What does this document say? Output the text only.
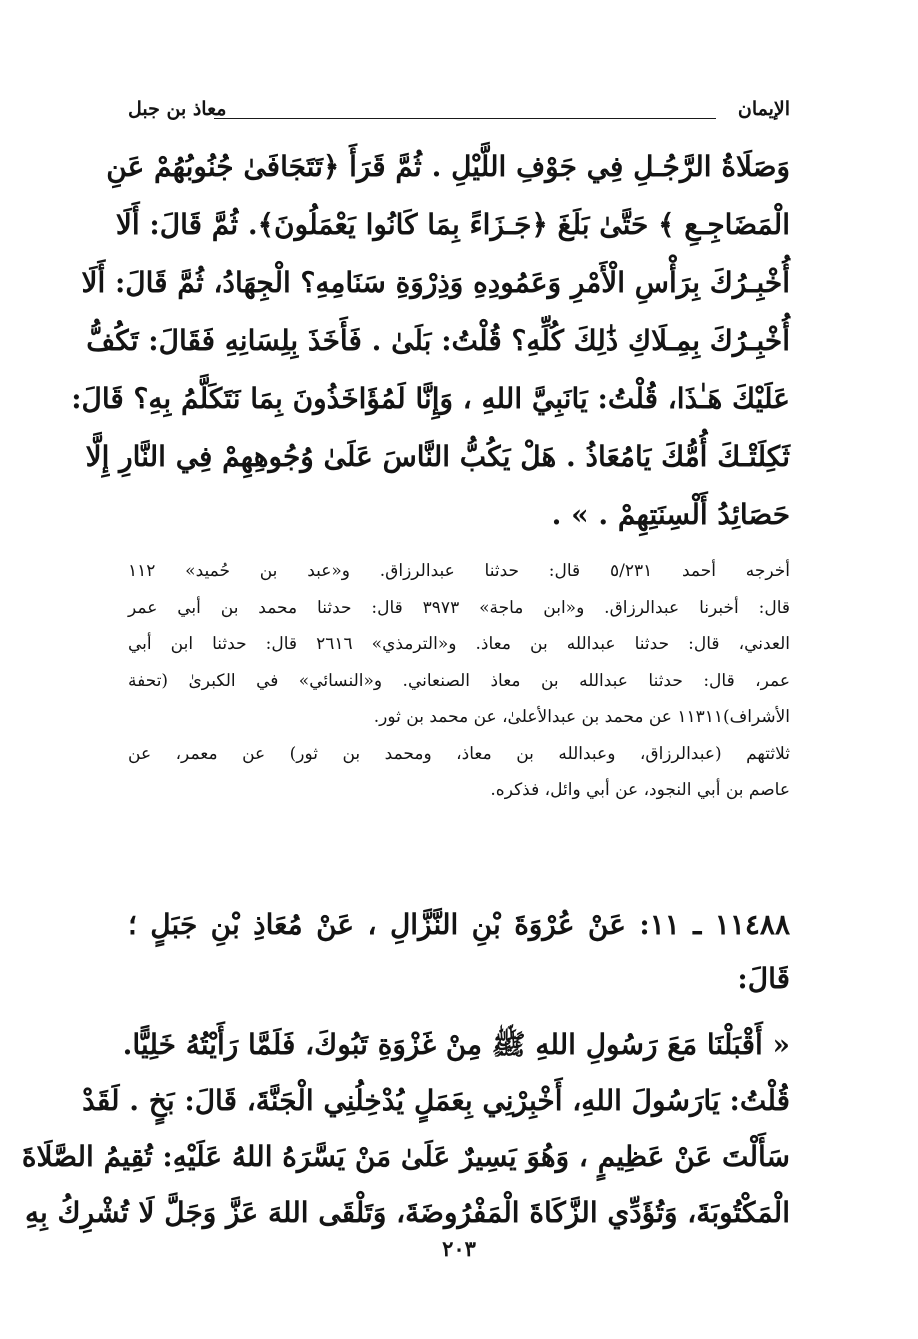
الإيمان
معاذ بن جبل
وَصَلَاةُ الرَّجُـلِ فِي جَوْفِ اللَّيْلِ . ثُمَّ قَرَأَ ﴿تَتَجَافَىٰ جُنُوبُهُمْ عَنِ
الْمَضَاجِـعِ ﴾ حَتَّىٰ بَلَغَ ﴿جَـزَاءً بِمَا كَانُوا يَعْمَلُونَ﴾. ثُمَّ قَالَ: أَلَا
أُخْبِـرُكَ بِرَأْسِ الْأَمْرِ وَعَمُودِهِ وَذِرْوَةِ سَنَامِهِ؟ الْجِهَادُ، ثُمَّ قَالَ: أَلَا
أُخْبِـرُكَ بِمِـلَاكِ ذَٰلِكَ كُلِّهِ؟ قُلْتُ: بَلَىٰ . فَأَخَذَ بِلِسَانِهِ فَقَالَ: تَكُفُّ
عَلَيْكَ هَـٰذَا، قُلْتُ: يَانَبِيَّ اللهِ ، وَإِنَّا لَمُؤَاخَذُونَ بِمَا نَتَكَلَّمُ بِهِ؟ قَالَ:
ثَكِلَتْـكَ أُمُّكَ يَامُعَاذُ . هَلْ يَكُبُّ النَّاسَ عَلَىٰ وُجُوهِهِمْ فِي النَّارِ إِلَّا
حَصَائِدُ أَلْسِنَتِهِمْ . » .
أخرجه أحمد ٥/٢٣١ قال: حدثنا عبدالرزاق. و«عبد بن حُميد» ١١٢
قال: أخبرنا عبدالرزاق. و«ابن ماجة» ٣٩٧٣ قال: حدثنا محمد بن أبي عمر
العدني، قال: حدثنا عبدالله بن معاذ. و«الترمذي» ٢٦١٦ قال: حدثنا ابن أبي
عمر، قال: حدثنا عبدالله بن معاذ الصنعاني. و«النسائي» في الكبرىٰ (تحفة
الأشراف)١١٣١١ عن محمد بن عبدالأعلىٰ، عن محمد بن ثور.
ثلاثتهم (عبدالرزاق، وعبدالله بن معاذ، ومحمد بن ثور) عن معمر، عن
عاصم بن أبي النجود، عن أبي وائل، فذكره.
١١٤٨٨ ـ ١١: عَنْ عُرْوَةَ بْنِ النَّزَّالِ ، عَنْ مُعَاذِ بْنِ جَبَلٍ ؛
قَالَ:
« أَقْبَلْنَا مَعَ رَسُولِ اللهِ ﷺ مِنْ غَزْوَةِ تَبُوكَ، فَلَمَّا رَأَيْتُهُ خَلِيًّا.
قُلْتُ: يَارَسُولَ اللهِ، أَخْبِرْنِي بِعَمَلٍ يُدْخِلُنِي الْجَنَّةَ، قَالَ: بَخٍ . لَقَدْ
سَأَلْتَ عَنْ عَظِيمٍ ، وَهُوَ يَسِيرٌ عَلَىٰ مَنْ يَسَّرَهُ اللهُ عَلَيْهِ: تُقِيمُ الصَّلَاةَ
الْمَكْتُوبَةَ، وَتُؤَدِّي الزَّكَاةَ الْمَفْرُوضَةَ، وَتَلْقَى اللهَ عَزَّ وَجَلَّ لَا تُشْرِكُ بِهِ
٢٠٣
